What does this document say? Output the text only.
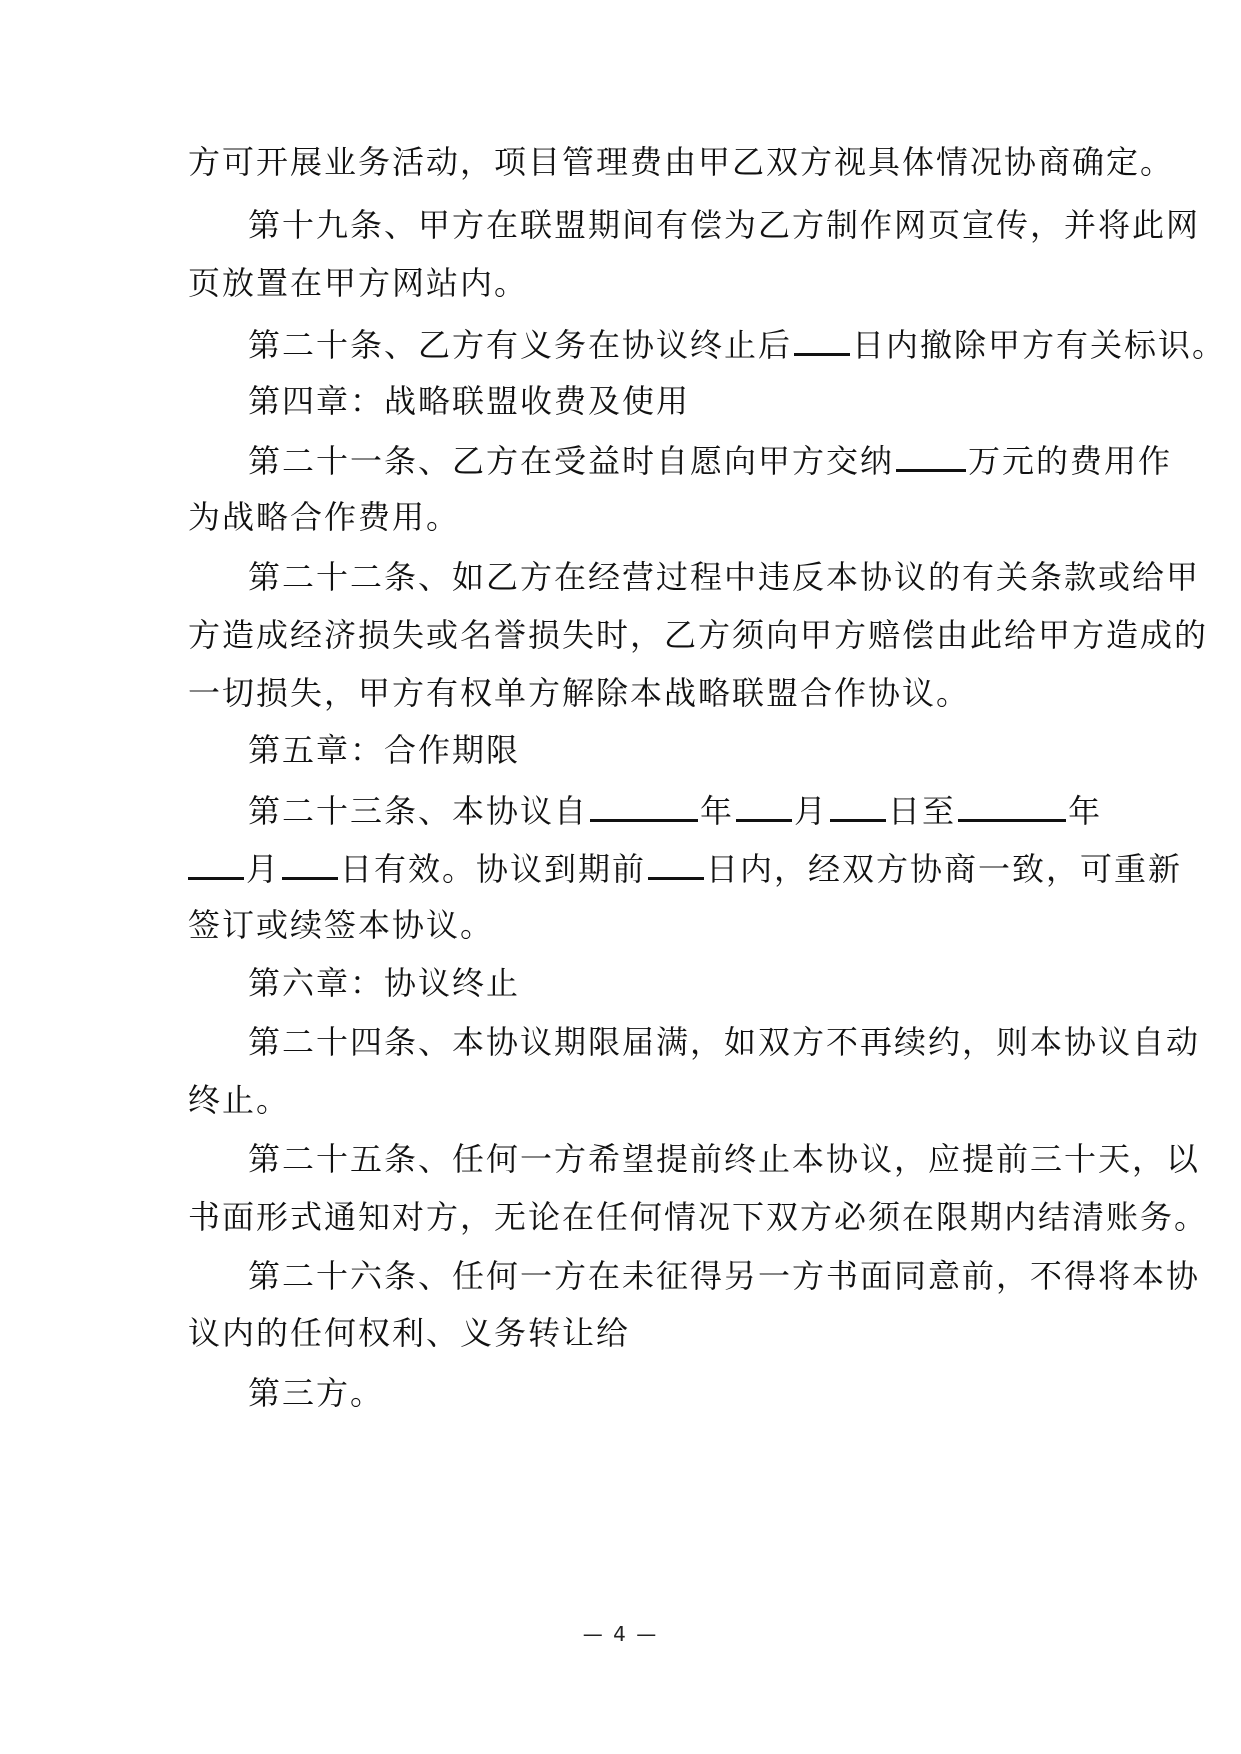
方可开展业务活动，项目管理费由甲乙双方视具体情况协商确定。
第十九条、甲方在联盟期间有偿为乙方制作网页宣传，并将此网
页放置在甲方网站内。
第二十条、乙方有义务在协议终止后 日内撤除甲方有关标识。
第四章：战略联盟收费及使用
第二十一条、乙方在受益时自愿向甲方交纳 万元的费用作
为战略合作费用。
第二十二条、如乙方在经营过程中违反本协议的有关条款或给甲
方造成经济损失或名誉损失时，乙方须向甲方赔偿由此给甲方造成的
一切损失，甲方有权单方解除本战略联盟合作协议。
第五章：合作期限
第二十三条、本协议自	年 月 日至	年
月 日有效。协议到期前 日内，经双方协商一致，可重新
签订或续签本协议。
第六章：协议终止
第二十四条、本协议期限届满，如双方不再续约，则本协议自动
终止。
第二十五条、任何一方希望提前终止本协议，应提前三十天，以
书面形式通知对方，无论在任何情况下双方必须在限期内结清账务。
第二十六条、任何一方在未征得另一方书面同意前，不得将本协
议内的任何权利、义务转让给
第三方。
— 4 —
